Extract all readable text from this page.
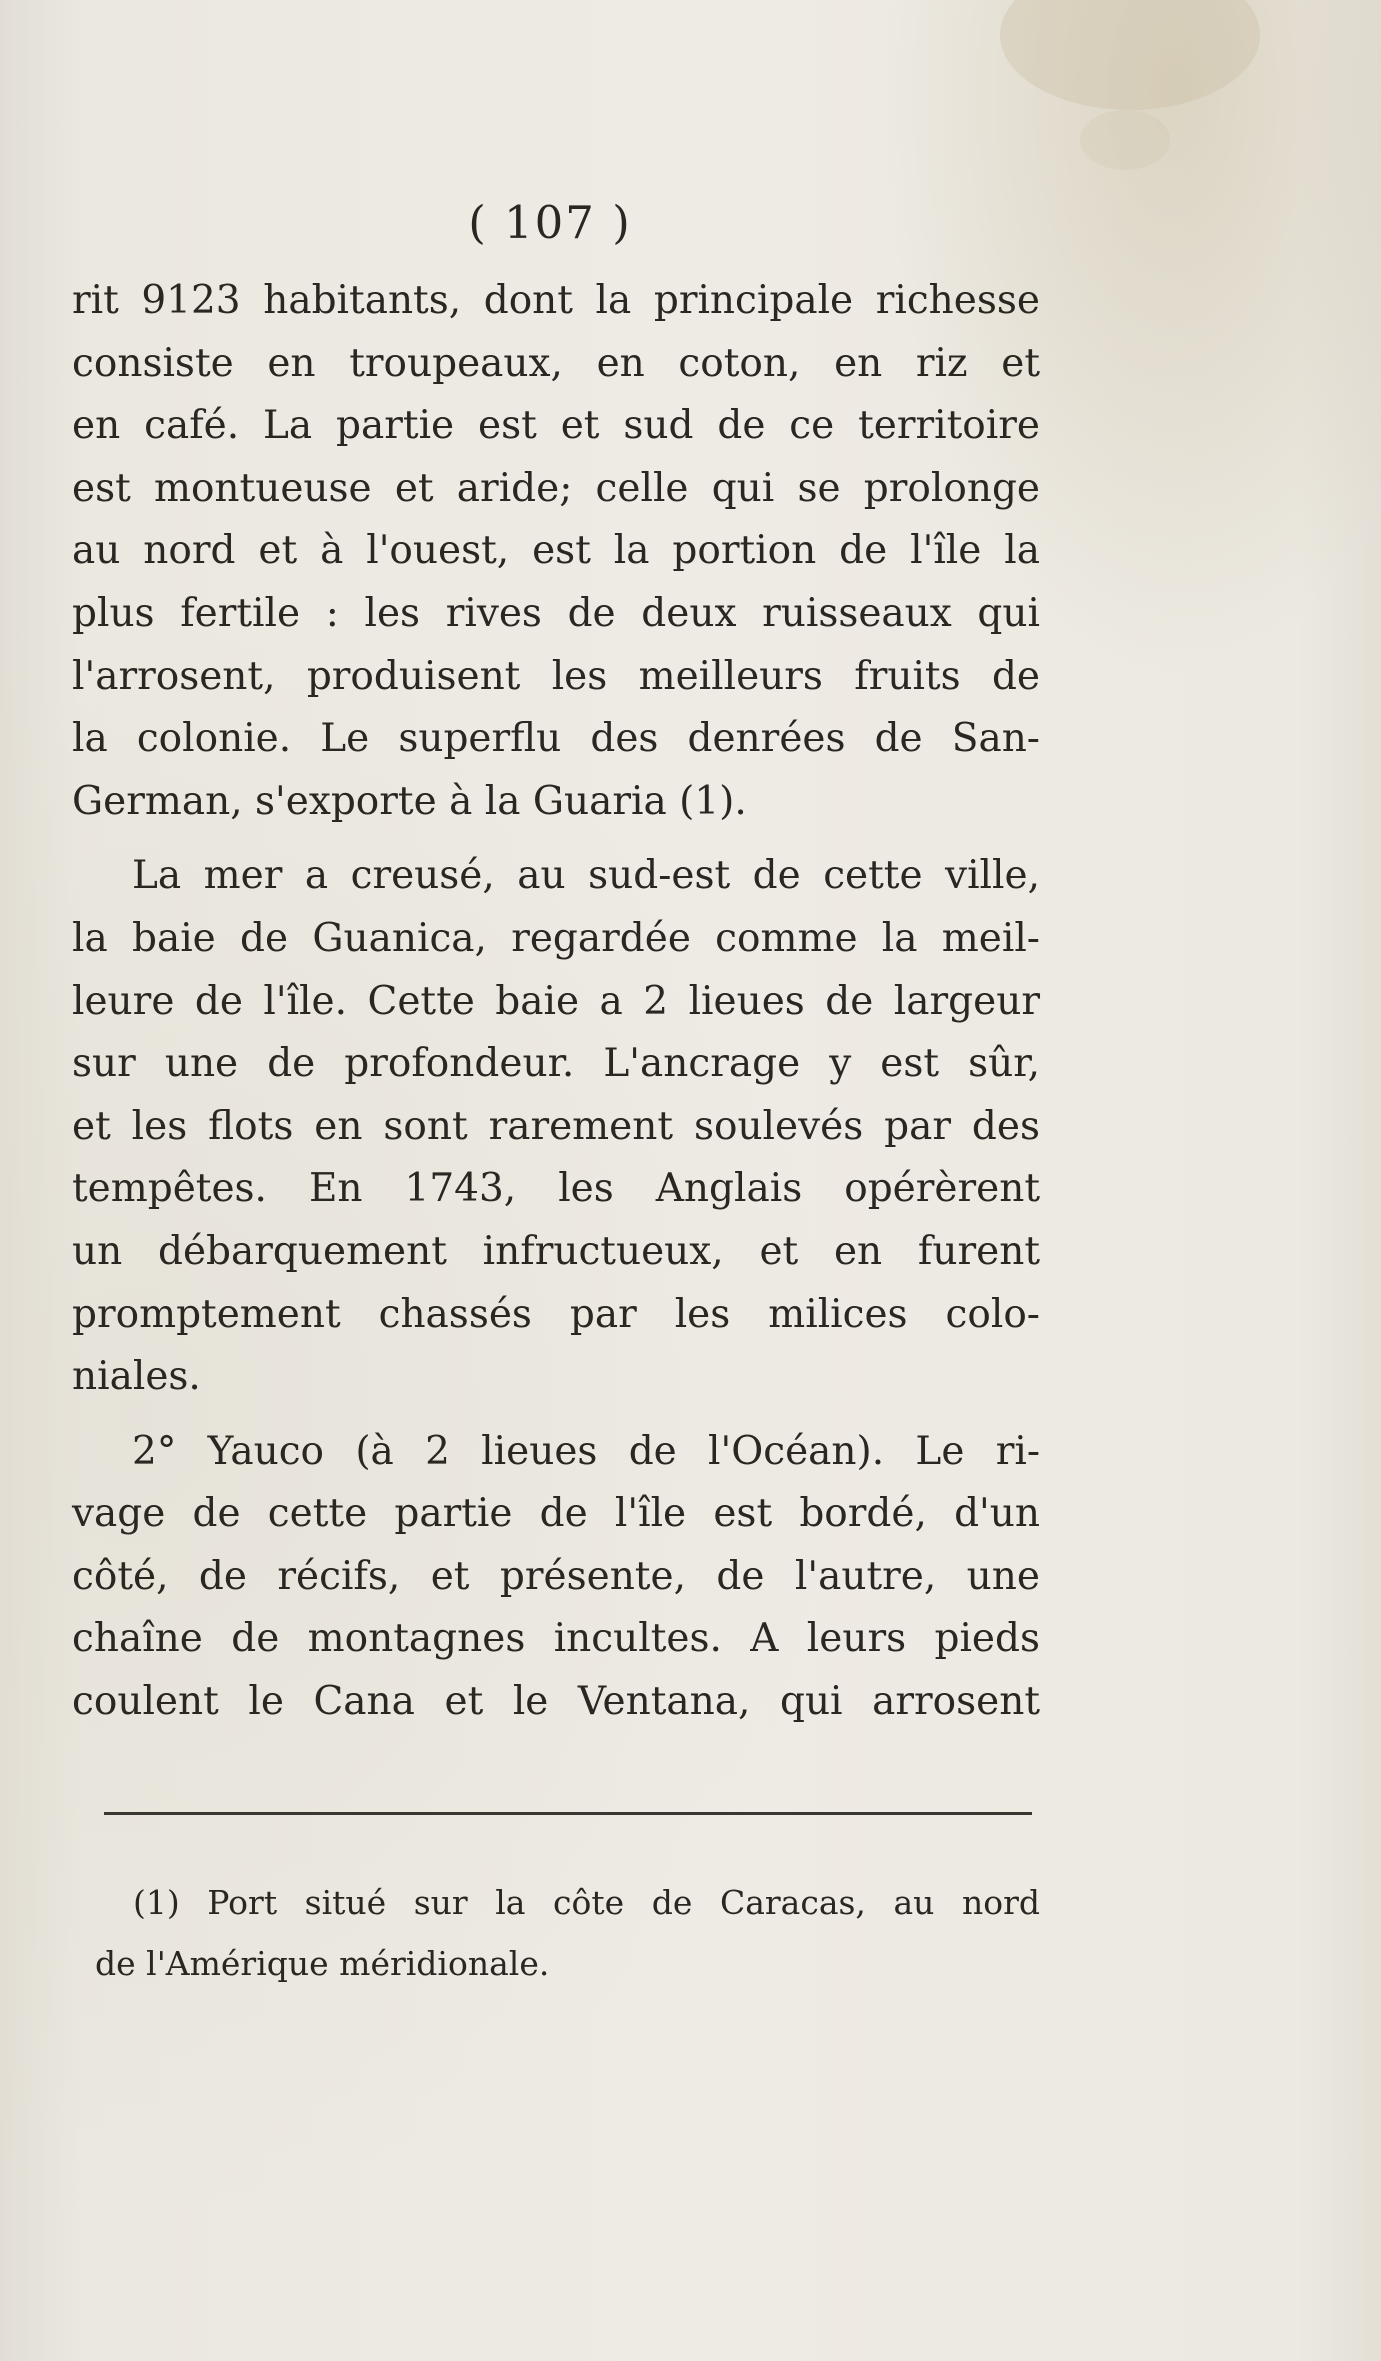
( 107 )
rit 9123 habitants, dont la principale richesse
consiste en troupeaux, en coton, en riz et
en café. La partie est et sud de ce territoire
est montueuse et aride; celle qui se prolonge
au nord et à l'ouest, est la portion de l'île la
plus fertile : les rives de deux ruisseaux qui
l'arrosent, produisent les meilleurs fruits de
la colonie. Le superflu des denrées de San-
German, s'exporte à la Guaria (1).
La mer a creusé, au sud-est de cette ville,
la baie de Guanica, regardée comme la meil-
leure de l'île. Cette baie a 2 lieues de largeur
sur une de profondeur. L'ancrage y est sûr,
et les flots en sont rarement soulevés par des
tempêtes. En 1743, les Anglais opérèrent
un débarquement infructueux, et en furent
promptement chassés par les milices colo-
niales.
2° Yauco (à 2 lieues de l'Océan). Le ri-
vage de cette partie de l'île est bordé, d'un
côté, de récifs, et présente, de l'autre, une
chaîne de montagnes incultes. A leurs pieds
coulent le Cana et le Ventana, qui arrosent
(1) Port situé sur la côte de Caracas, au nord
de l'Amérique méridionale.
